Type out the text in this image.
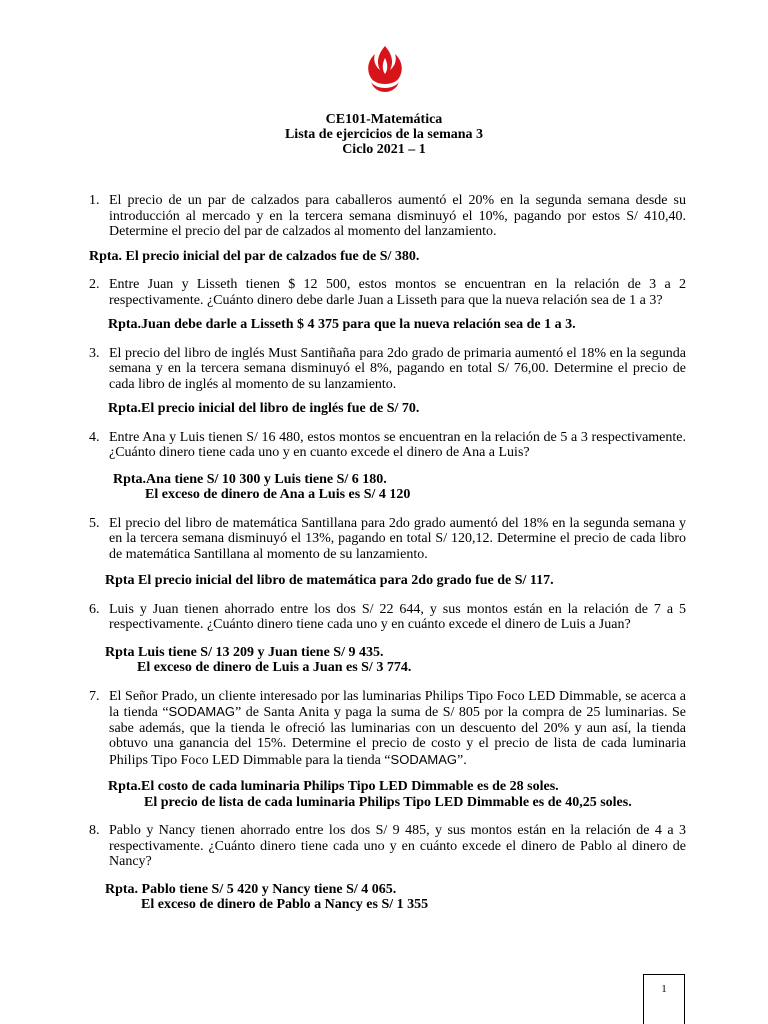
CE101-Matemática
Lista de ejercicios de la semana 3
Ciclo 2021 – 1
1. El precio de un par de calzados para caballeros aumentó el 20% en la segunda semana desde su introducción al mercado y en la tercera semana disminuyó el 10%, pagando por estos S/ 410,40. Determine el precio del par de calzados al momento del lanzamiento.
Rpta. El precio inicial del par de calzados fue de S/ 380.
2. Entre Juan y Lisseth tienen $ 12 500, estos montos se encuentran en la relación de 3 a 2 respectivamente. ¿Cuánto dinero debe darle Juan a Lisseth para que la nueva relación sea de 1 a 3?
Rpta.Juan debe darle a Lisseth $ 4 375 para que la nueva relación sea de 1 a 3.
3. El precio del libro de inglés Must Santiñaña para 2do grado de primaria aumentó el 18% en la segunda semana y en la tercera semana disminuyó el 8%, pagando en total S/ 76,00. Determine el precio de cada libro de inglés al momento de su lanzamiento.
Rpta.El precio inicial del libro de inglés fue de S/ 70.
4. Entre Ana y Luis tienen S/ 16 480, estos montos se encuentran en la relación de 5 a 3 respectivamente. ¿Cuánto dinero tiene cada uno y en cuanto excede el dinero de Ana a Luis?
Rpta.Ana tiene S/ 10 300 y Luis tiene S/ 6 180.
El exceso de dinero de Ana a Luis es S/ 4 120
5. El precio del libro de matemática Santillana para 2do grado aumentó del 18% en la segunda semana y en la tercera semana disminuyó el 13%, pagando en total S/ 120,12. Determine el precio de cada libro de matemática Santillana al momento de su lanzamiento.
Rpta El precio inicial del libro de matemática para 2do grado fue de S/ 117.
6. Luis y Juan tienen ahorrado entre los dos S/ 22 644, y sus montos están en la relación de 7 a 5 respectivamente. ¿Cuánto dinero tiene cada uno y en cuánto excede el dinero de Luis a Juan?
Rpta Luis tiene S/ 13 209 y Juan tiene S/ 9 435.
El exceso de dinero de Luis a Juan es S/ 3 774.
7. El Señor Prado, un cliente interesado por las luminarias Philips Tipo Foco LED Dimmable, se acerca a la tienda “SODAMAG” de Santa Anita y paga la suma de S/ 805 por la compra de 25 luminarias. Se sabe además, que la tienda le ofreció las luminarias con un descuento del 20% y aun así, la tienda obtuvo una ganancia del 15%. Determine el precio de costo y el precio de lista de cada luminaria Philips Tipo Foco LED Dimmable para la tienda “SODAMAG”.
Rpta.El costo de cada luminaria Philips Tipo LED Dimmable es de 28 soles.
El precio de lista de cada luminaria Philips Tipo LED Dimmable es de 40,25 soles.
8. Pablo y Nancy tienen ahorrado entre los dos S/ 9 485, y sus montos están en la relación de 4 a 3 respectivamente. ¿Cuánto dinero tiene cada uno y en cuánto excede el dinero de Pablo al dinero de Nancy?
Rpta. Pablo tiene S/ 5 420 y Nancy tiene S/ 4 065.
El exceso de dinero de Pablo a Nancy es S/ 1 355
1
